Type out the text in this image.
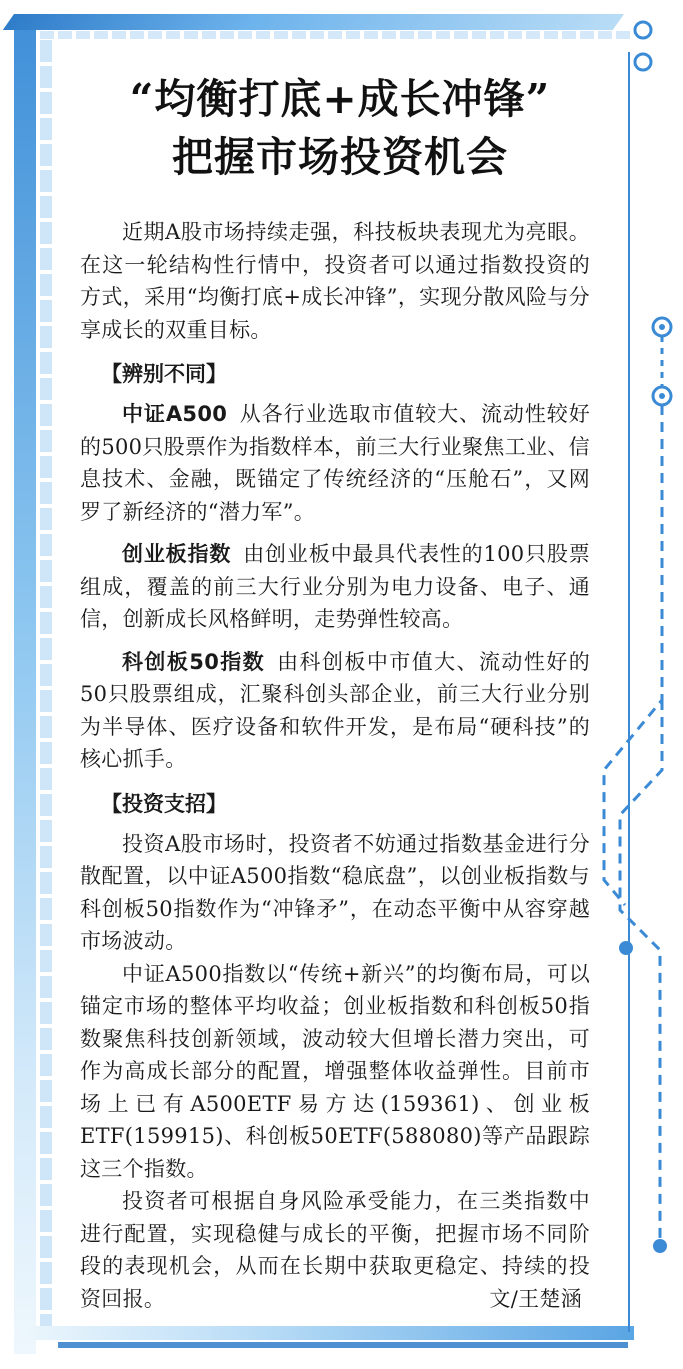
“均衡打底+成长冲锋”
把握市场投资机会

近期A股市场持续走强，科技板块表现尤为亮眼。在这一轮结构性行情中，投资者可以通过指数投资的方式，采用“均衡打底+成长冲锋”，实现分散风险与分享成长的双重目标。

【辨别不同】

中证A500 从各行业选取市值较大、流动性较好的500只股票作为指数样本，前三大行业聚焦工业、信息技术、金融，既锚定了传统经济的“压舱石”，又网罗了新经济的“潜力军”。

创业板指数 由创业板中最具代表性的100只股票组成，覆盖的前三大行业分别为电力设备、电子、通信，创新成长风格鲜明，走势弹性较高。

科创板50指数 由科创板中市值大、流动性好的50只股票组成，汇聚科创头部企业，前三大行业分别为半导体、医疗设备和软件开发，是布局“硬科技”的核心抓手。

【投资支招】

投资A股市场时，投资者不妨通过指数基金进行分散配置，以中证A500指数“稳底盘”，以创业板指数与科创板50指数作为“冲锋矛”，在动态平衡中从容穿越市场波动。

中证A500指数以“传统+新兴”的均衡布局，可以锚定市场的整体平均收益；创业板指数和科创板50指数聚焦科技创新领域，波动较大但增长潜力突出，可作为高成长部分的配置，增强整体收益弹性。目前市场上已有A500ETF易方达(159361)、创业板ETF(159915)、科创板50ETF(588080)等产品跟踪这三个指数。

投资者可根据自身风险承受能力，在三类指数中进行配置，实现稳健与成长的平衡，把握市场不同阶段的表现机会，从而在长期中获取更稳定、持续的投资回报。	文/王楚涵
